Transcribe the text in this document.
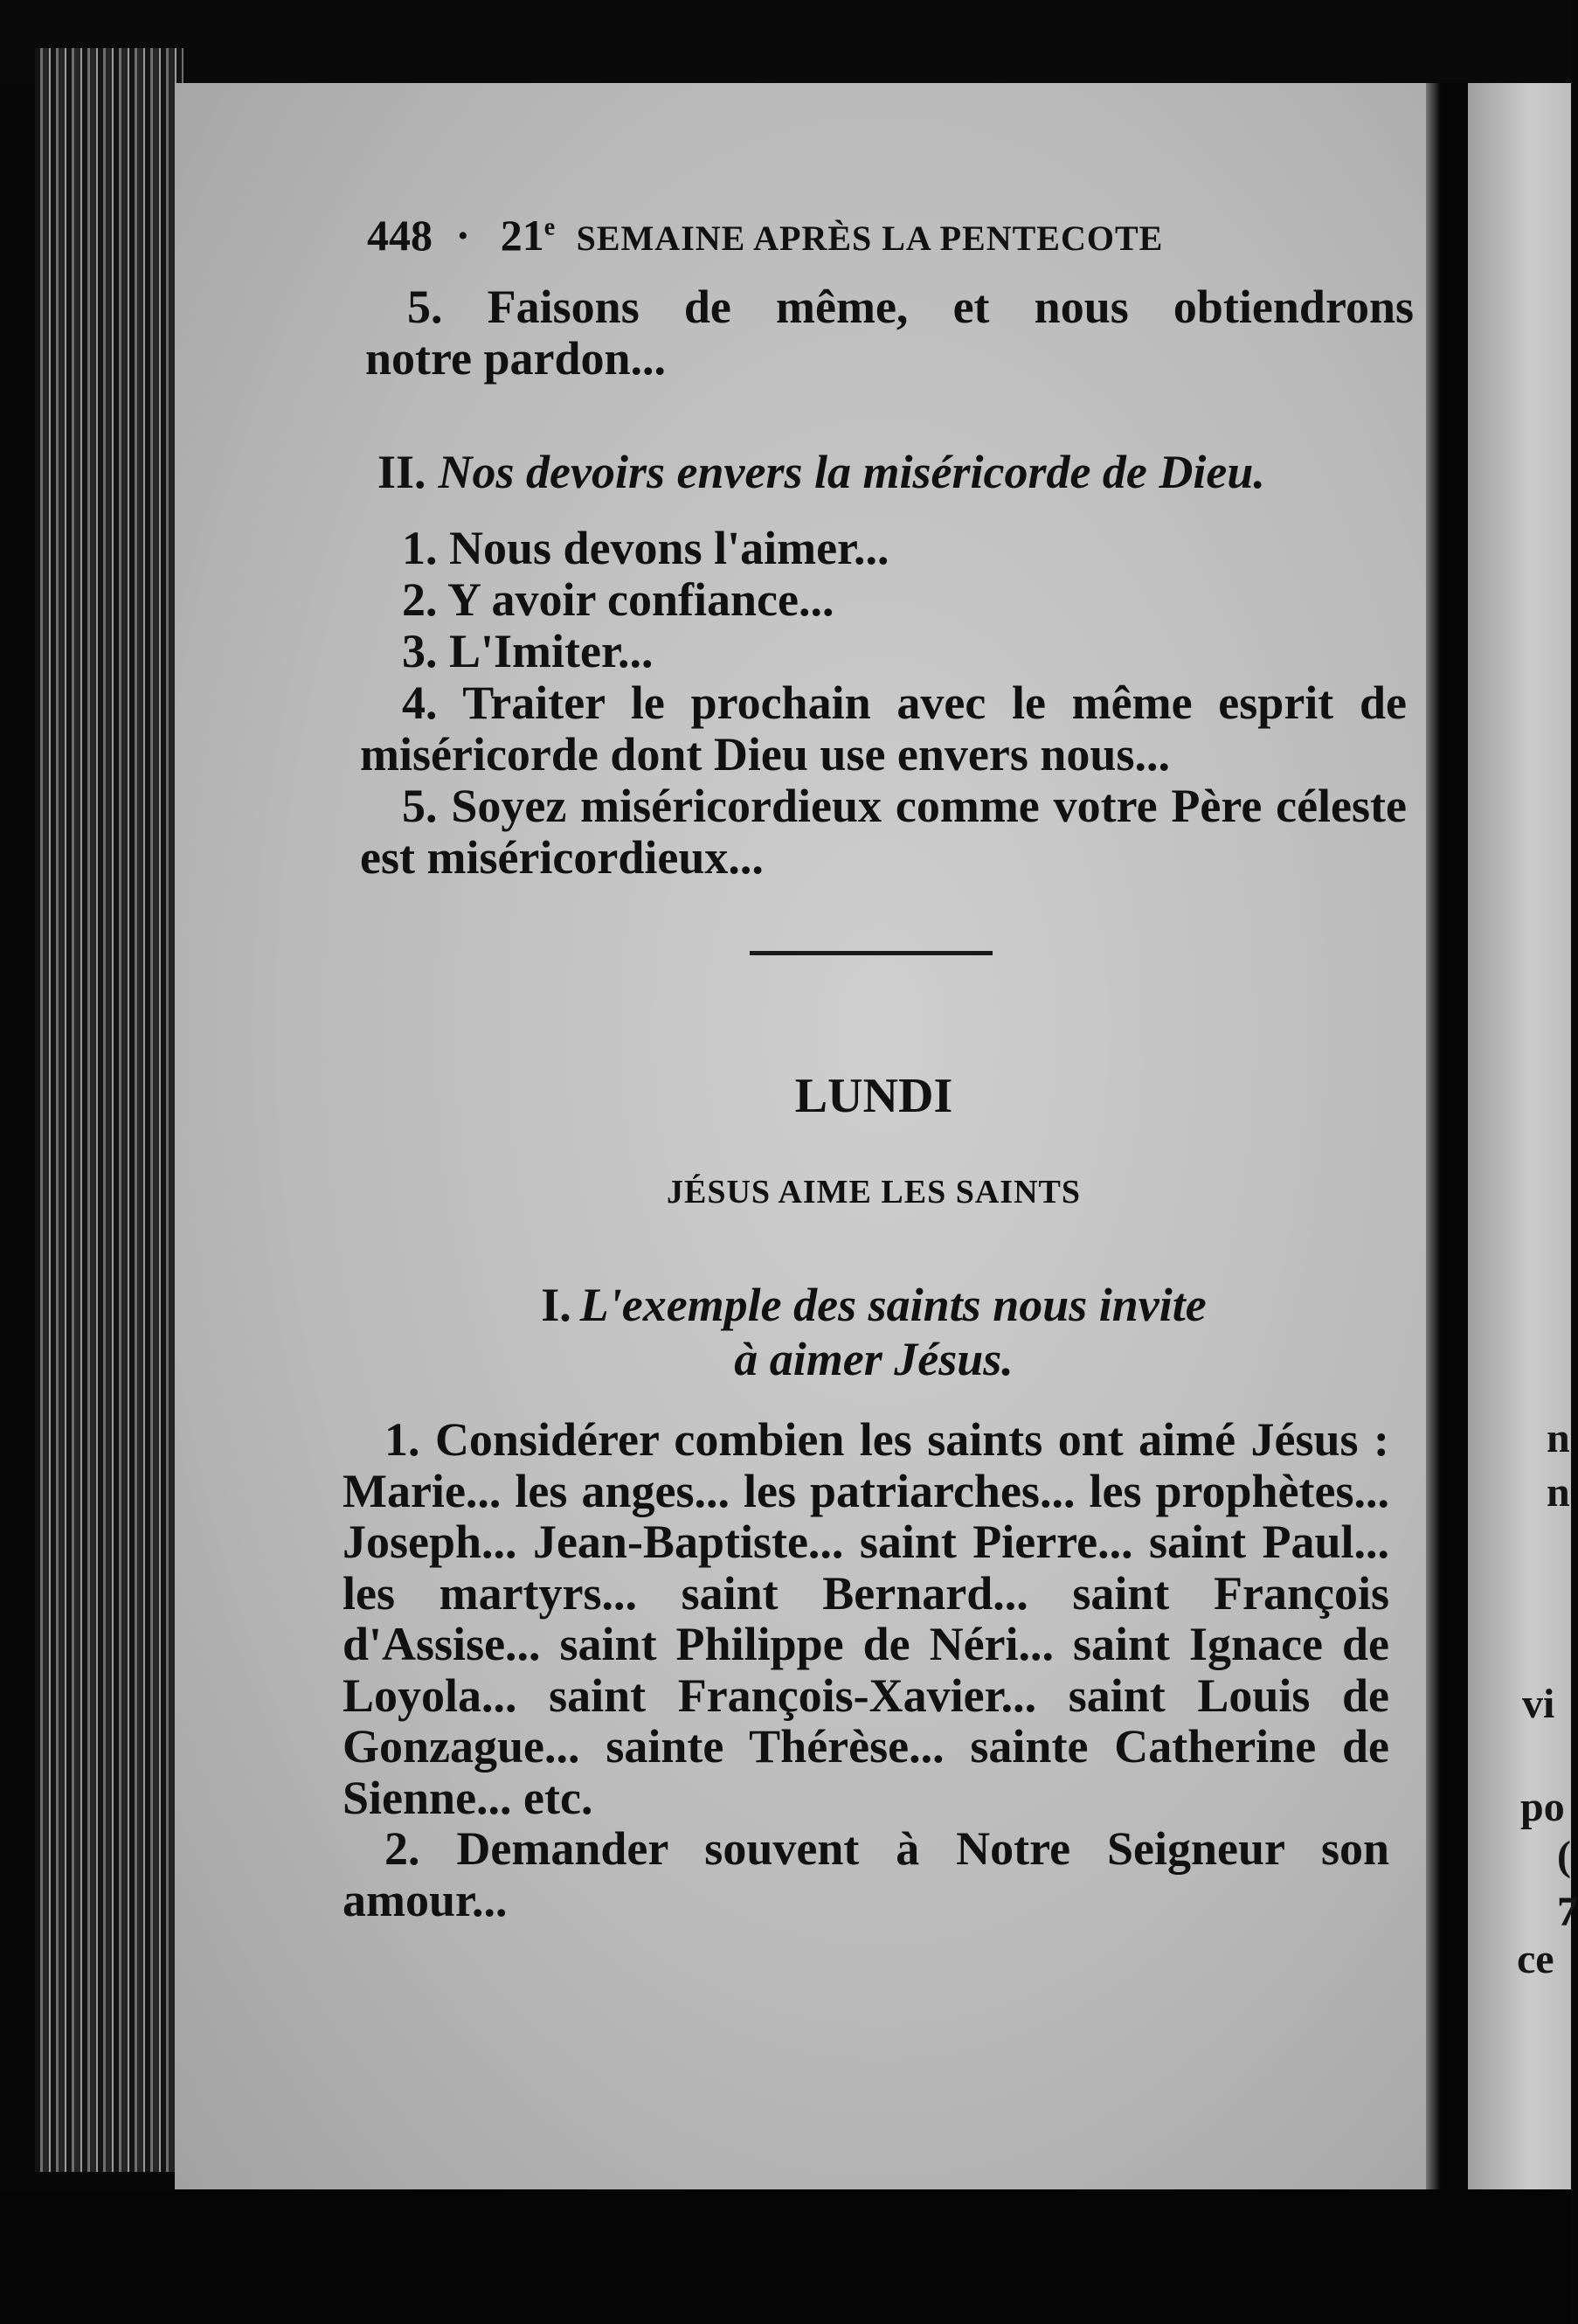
$448 \cdot 21^e$ SEMAINE APRÈS LA PENTECOTE

5. Faisons de même, et nous obtiendrons

notre pardon...

II. Nos devoirs envers la miséricorde de Dieu.

1. Nous devons l'aimer...

2. Y avoir confiance...

3. L'Imiter...

4. Traiter le prochain avec le même esprit de miséricorde dont Dieu use envers nous...

5. Soyez miséricordieux comme votre Père céleste est miséricordieux...

LUNDI
JÉSUS AIME LES SAINTS
I. L'exemple des saints nous invite
à aimer Jésus.

1. Considérer combien les saints ont aimé Jésus : Marie... les anges... les patriarches... les prophètes... Joseph... Jean-Baptiste... saint Pierre... saint Paul... les martyrs... saint Bernard... saint François d'Assise... saint Philippe de Néri... saint Ignace de Loyola... saint François-Xavier... saint Louis de Gonzague... sainte Thérèse... sainte Catherine de Sienne... etc.

2. Demander souvent à Notre Seigneur son amour...

n
n
vi
po
(
7
ce
